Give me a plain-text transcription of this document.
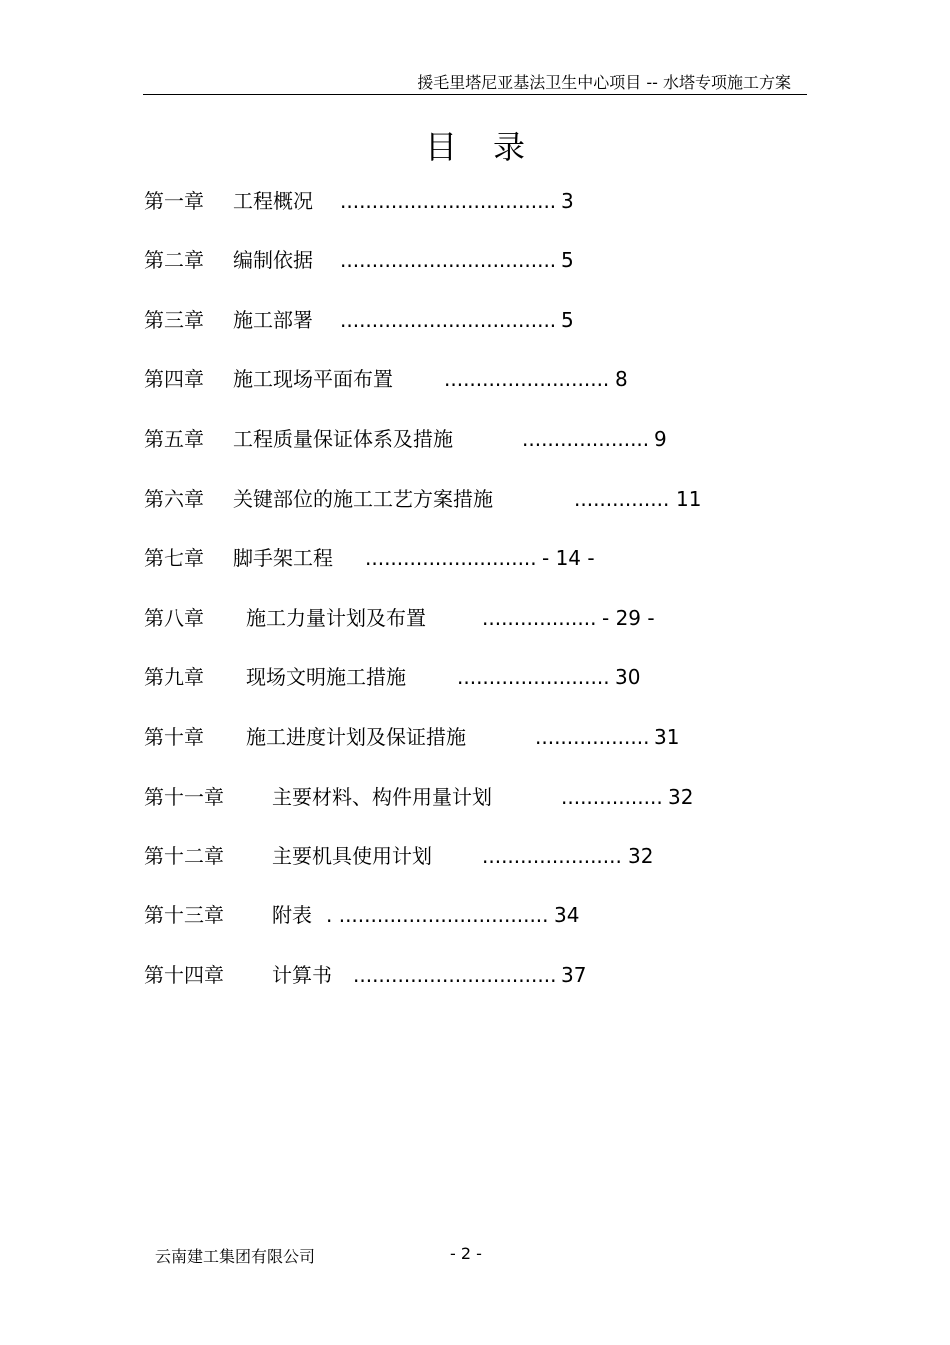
援毛里塔尼亚基法卫生中心项目 -- 水塔专项施工方案
目录
第一章 工程概况 .................................. 3
第二章 编制依据 .................................. 5
第三章 施工部署 .................................. 5
第四章 施工现场平面布置	.......................... 8
第五章 工程质量保证体系及措施	.................... 9
第六章 关键部位的施工工艺方案措施	............... 11
第七章 脚手架工程 ........................... - 14 -
第八章 施工力量计划及布置	.................. - 29 -
第九章 现场文明施工措施	........................ 30
第十章 施工进度计划及保证措施	.................. 31
第十一章 主要材料、构件用量计划	................ 32
第十二章 主要机具使用计划	...................... 32
第十三章 附表 . ................................. 34
第十四章 计算书 ................................ 37
云南建工集团有限公司	- 2 -
